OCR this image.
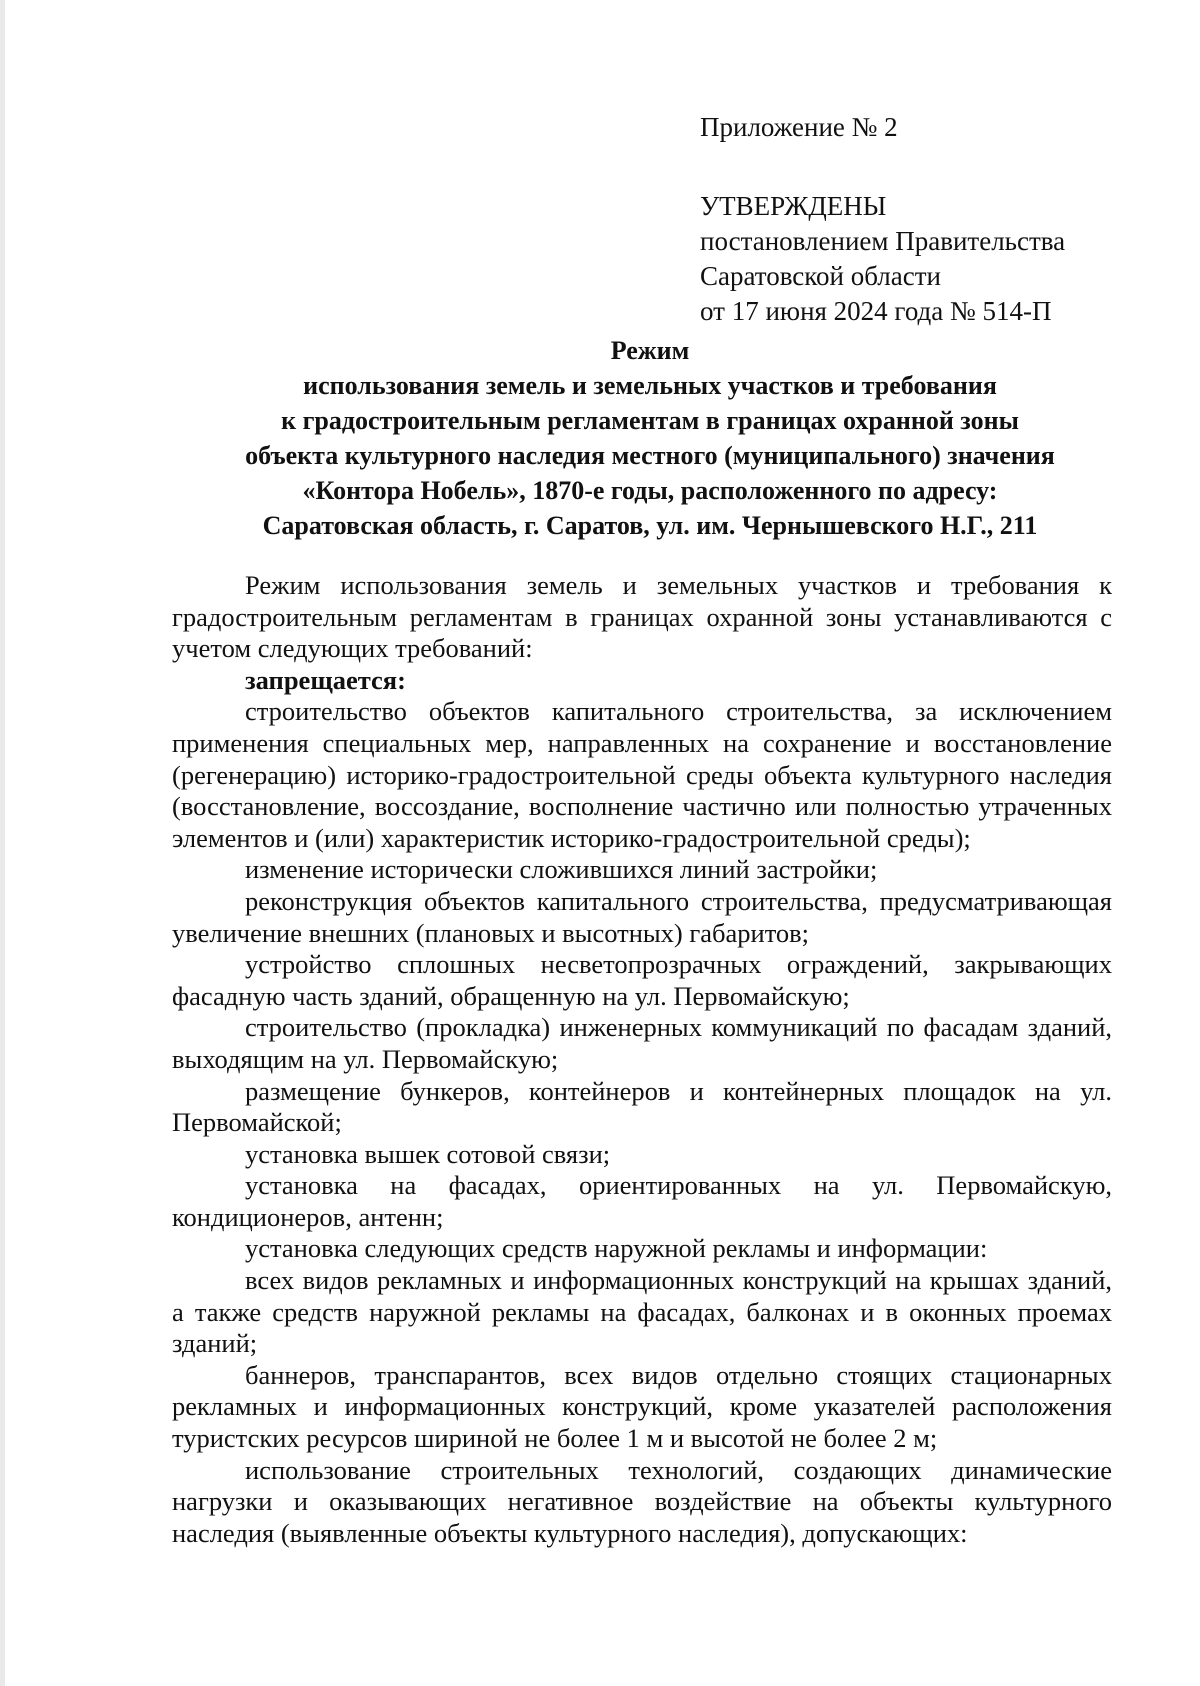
Приложение № 2
УТВЕРЖДЕНЫ
постановлением Правительства
Саратовской области
от 17 июня 2024 года № 514-П
Режим
использования земель и земельных участков и требования
к градостроительным регламентам в границах охранной зоны
объекта культурного наследия местного (муниципального) значения
«Контора Нобель», 1870-е годы, расположенного по адресу:
Саратовская область, г. Саратов, ул. им. Чернышевского Н.Г., 211

Режим использования земель и земельных участков и требования к градостроительным регламентам в границах охранной зоны устанавливаются с учетом следующих требований:

запрещается:

строительство объектов капитального строительства, за исключением применения специальных мер, направленных на сохранение и восстановление (регенерацию) историко-градостроительной среды объекта культурного наследия (восстановление, воссоздание, восполнение частично или полностью утраченных элементов и (или) характеристик историко-градостроительной среды);

изменение исторически сложившихся линий застройки;

реконструкция объектов капитального строительства, предусматривающая увеличение внешних (плановых и высотных) габаритов;

устройство сплошных несветопрозрачных ограждений, закрывающих фасадную часть зданий, обращенную на ул. Первомайскую;

строительство (прокладка) инженерных коммуникаций по фасадам зданий, выходящим на ул. Первомайскую;

размещение бункеров, контейнеров и контейнерных площадок на ул. Первомайской;

установка вышек сотовой связи;

установка на фасадах, ориентированных на ул. Первомайскую, кондиционеров, антенн;

установка следующих средств наружной рекламы и информации:

всех видов рекламных и информационных конструкций на крышах зданий, а также средств наружной рекламы на фасадах, балконах и в оконных проемах зданий;

баннеров, транспарантов, всех видов отдельно стоящих стационарных рекламных и информационных конструкций, кроме указателей расположения туристских ресурсов шириной не более 1 м и высотой не более 2 м;

использование строительных технологий, создающих динамические нагрузки и оказывающих негативное воздействие на объекты культурного наследия (выявленные объекты культурного наследия), допускающих:
